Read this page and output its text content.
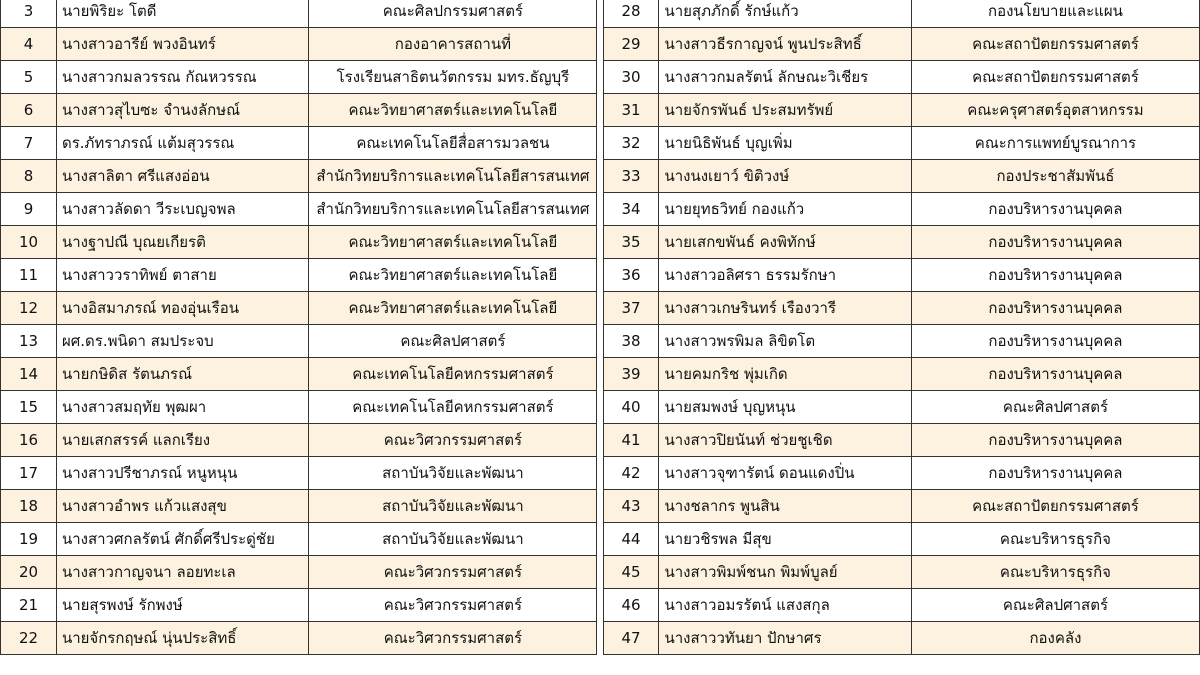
3	นายพิริยะ โตดี	คณะศิลปกรรมศาสตร์		28	นายสุภภักดิ์ รักษ์แก้ว	กองนโยบายและแผน
4	นางสาวอารีย์ พวงอินทร์	กองอาคารสถานที่		29	นางสาวธีรกาญจน์ พูนประสิทธิ์	คณะสถาปัตยกรรมศาสตร์
5	นางสาวกมลวรรณ กัณหวรรณ	โรงเรียนสาธิตนวัตกรรม มทร.ธัญบุรี		30	นางสาวกมลรัตน์ ลักษณะวิเชียร	คณะสถาปัตยกรรมศาสตร์
6	นางสาวสุไบซะ จำนงลักษณ์	คณะวิทยาศาสตร์และเทคโนโลยี		31	นายจักรพันธ์ ประสมทรัพย์	คณะครุศาสตร์อุตสาหกรรม
7	ดร.ภัทราภรณ์ แต้มสุวรรณ	คณะเทคโนโลยีสื่อสารมวลชน		32	นายนิธิพันธ์ บุญเพิ่ม	คณะการแพทย์บูรณาการ
8	นางสาลิตา ศรีแสงอ่อน	สำนักวิทยบริการและเทคโนโลยีสารสนเทศ		33	นางนงเยาว์ ขิติวงษ์	กองประชาสัมพันธ์
9	นางสาวลัดดา วีระเบญจพล	สำนักวิทยบริการและเทคโนโลยีสารสนเทศ		34	นายยุทธวิทย์ กองแก้ว	กองบริหารงานบุคคล
10	นางฐาปณี บุณยเกียรติ	คณะวิทยาศาสตร์และเทคโนโลยี		35	นายเสกขพันธ์ คงพิทักษ์	กองบริหารงานบุคคล
11	นางสาววราทิพย์ ตาสาย	คณะวิทยาศาสตร์และเทคโนโลยี		36	นางสาวอลิศรา ธรรมรักษา	กองบริหารงานบุคคล
12	นางอิสมาภรณ์ ทองอุ่นเรือน	คณะวิทยาศาสตร์และเทคโนโลยี		37	นางสาวเกษรินทร์ เรืองวารี	กองบริหารงานบุคคล
13	ผศ.ดร.พนิดา สมประจบ	คณะศิลปศาสตร์		38	นางสาวพรพิมล ลิขิตโต	กองบริหารงานบุคคล
14	นายกษิดิส รัตนภรณ์	คณะเทคโนโลยีคหกรรมศาสตร์		39	นายคมกริช พุ่มเกิด	กองบริหารงานบุคคล
15	นางสาวสมฤทัย พุฒผา	คณะเทคโนโลยีคหกรรมศาสตร์		40	นายสมพงษ์ บุญหนุน	คณะศิลปศาสตร์
16	นายเสกสรรค์ แลกเรียง	คณะวิศวกรรมศาสตร์		41	นางสาวปิยนันท์ ช่วยชูเชิด	กองบริหารงานบุคคล
17	นางสาวปรีชาภรณ์ หนูหนุน	สถาบันวิจัยและพัฒนา		42	นางสาวจุฑารัตน์ ดอนแดงปิ่น	กองบริหารงานบุคคล
18	นางสาวอำพร แก้วแสงสุข	สถาบันวิจัยและพัฒนา		43	นางชลากร พูนสิน	คณะสถาปัตยกรรมศาสตร์
19	นางสาวศกลรัตน์ ศักดิ์ศรีประดู่ชัย	สถาบันวิจัยและพัฒนา		44	นายวชิรพล มีสุข	คณะบริหารธุรกิจ
20	นางสาวกาญจนา ลอยทะเล	คณะวิศวกรรมศาสตร์		45	นางสาวพิมพ์ชนก พิมพ์บูลย์	คณะบริหารธุรกิจ
21	นายสุรพงษ์ รักพงษ์	คณะวิศวกรรมศาสตร์		46	นางสาวอมรรัตน์ แสงสกุล	คณะศิลปศาสตร์
22	นายจักรกฤษณ์ นุ่นประสิทธิ์	คณะวิศวกรรมศาสตร์		47	นางสาววทันยา ปักษาศร	กองคลัง
